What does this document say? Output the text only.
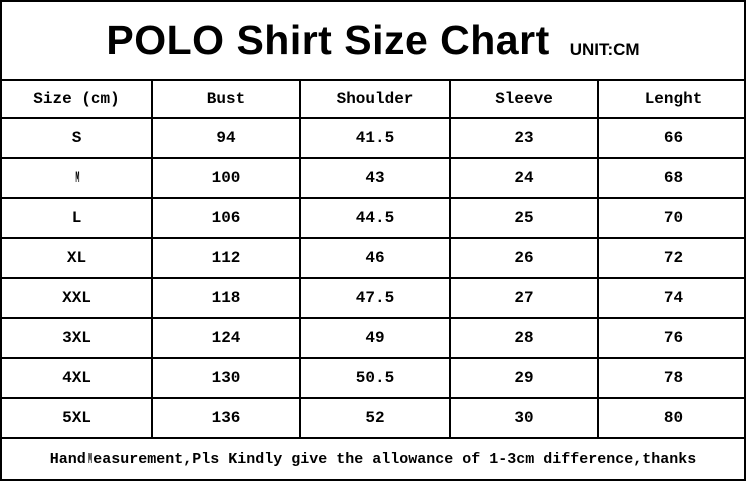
POLO Shirt Size Chart UNIT:CM
Size (cm)	Bust	Shoulder	Sleeve	Lenght
S	94	41.5	23	66
M	100	43	24	68
L	106	44.5	25	70
XL	112	46	26	72
XXL	118	47.5	27	74
3XL	124	49	28	76
4XL	130	50.5	29	78
5XL	136	52	30	80
Hand M easurement,Pls Kindly give the allowance of 1-3cm difference,thanks
